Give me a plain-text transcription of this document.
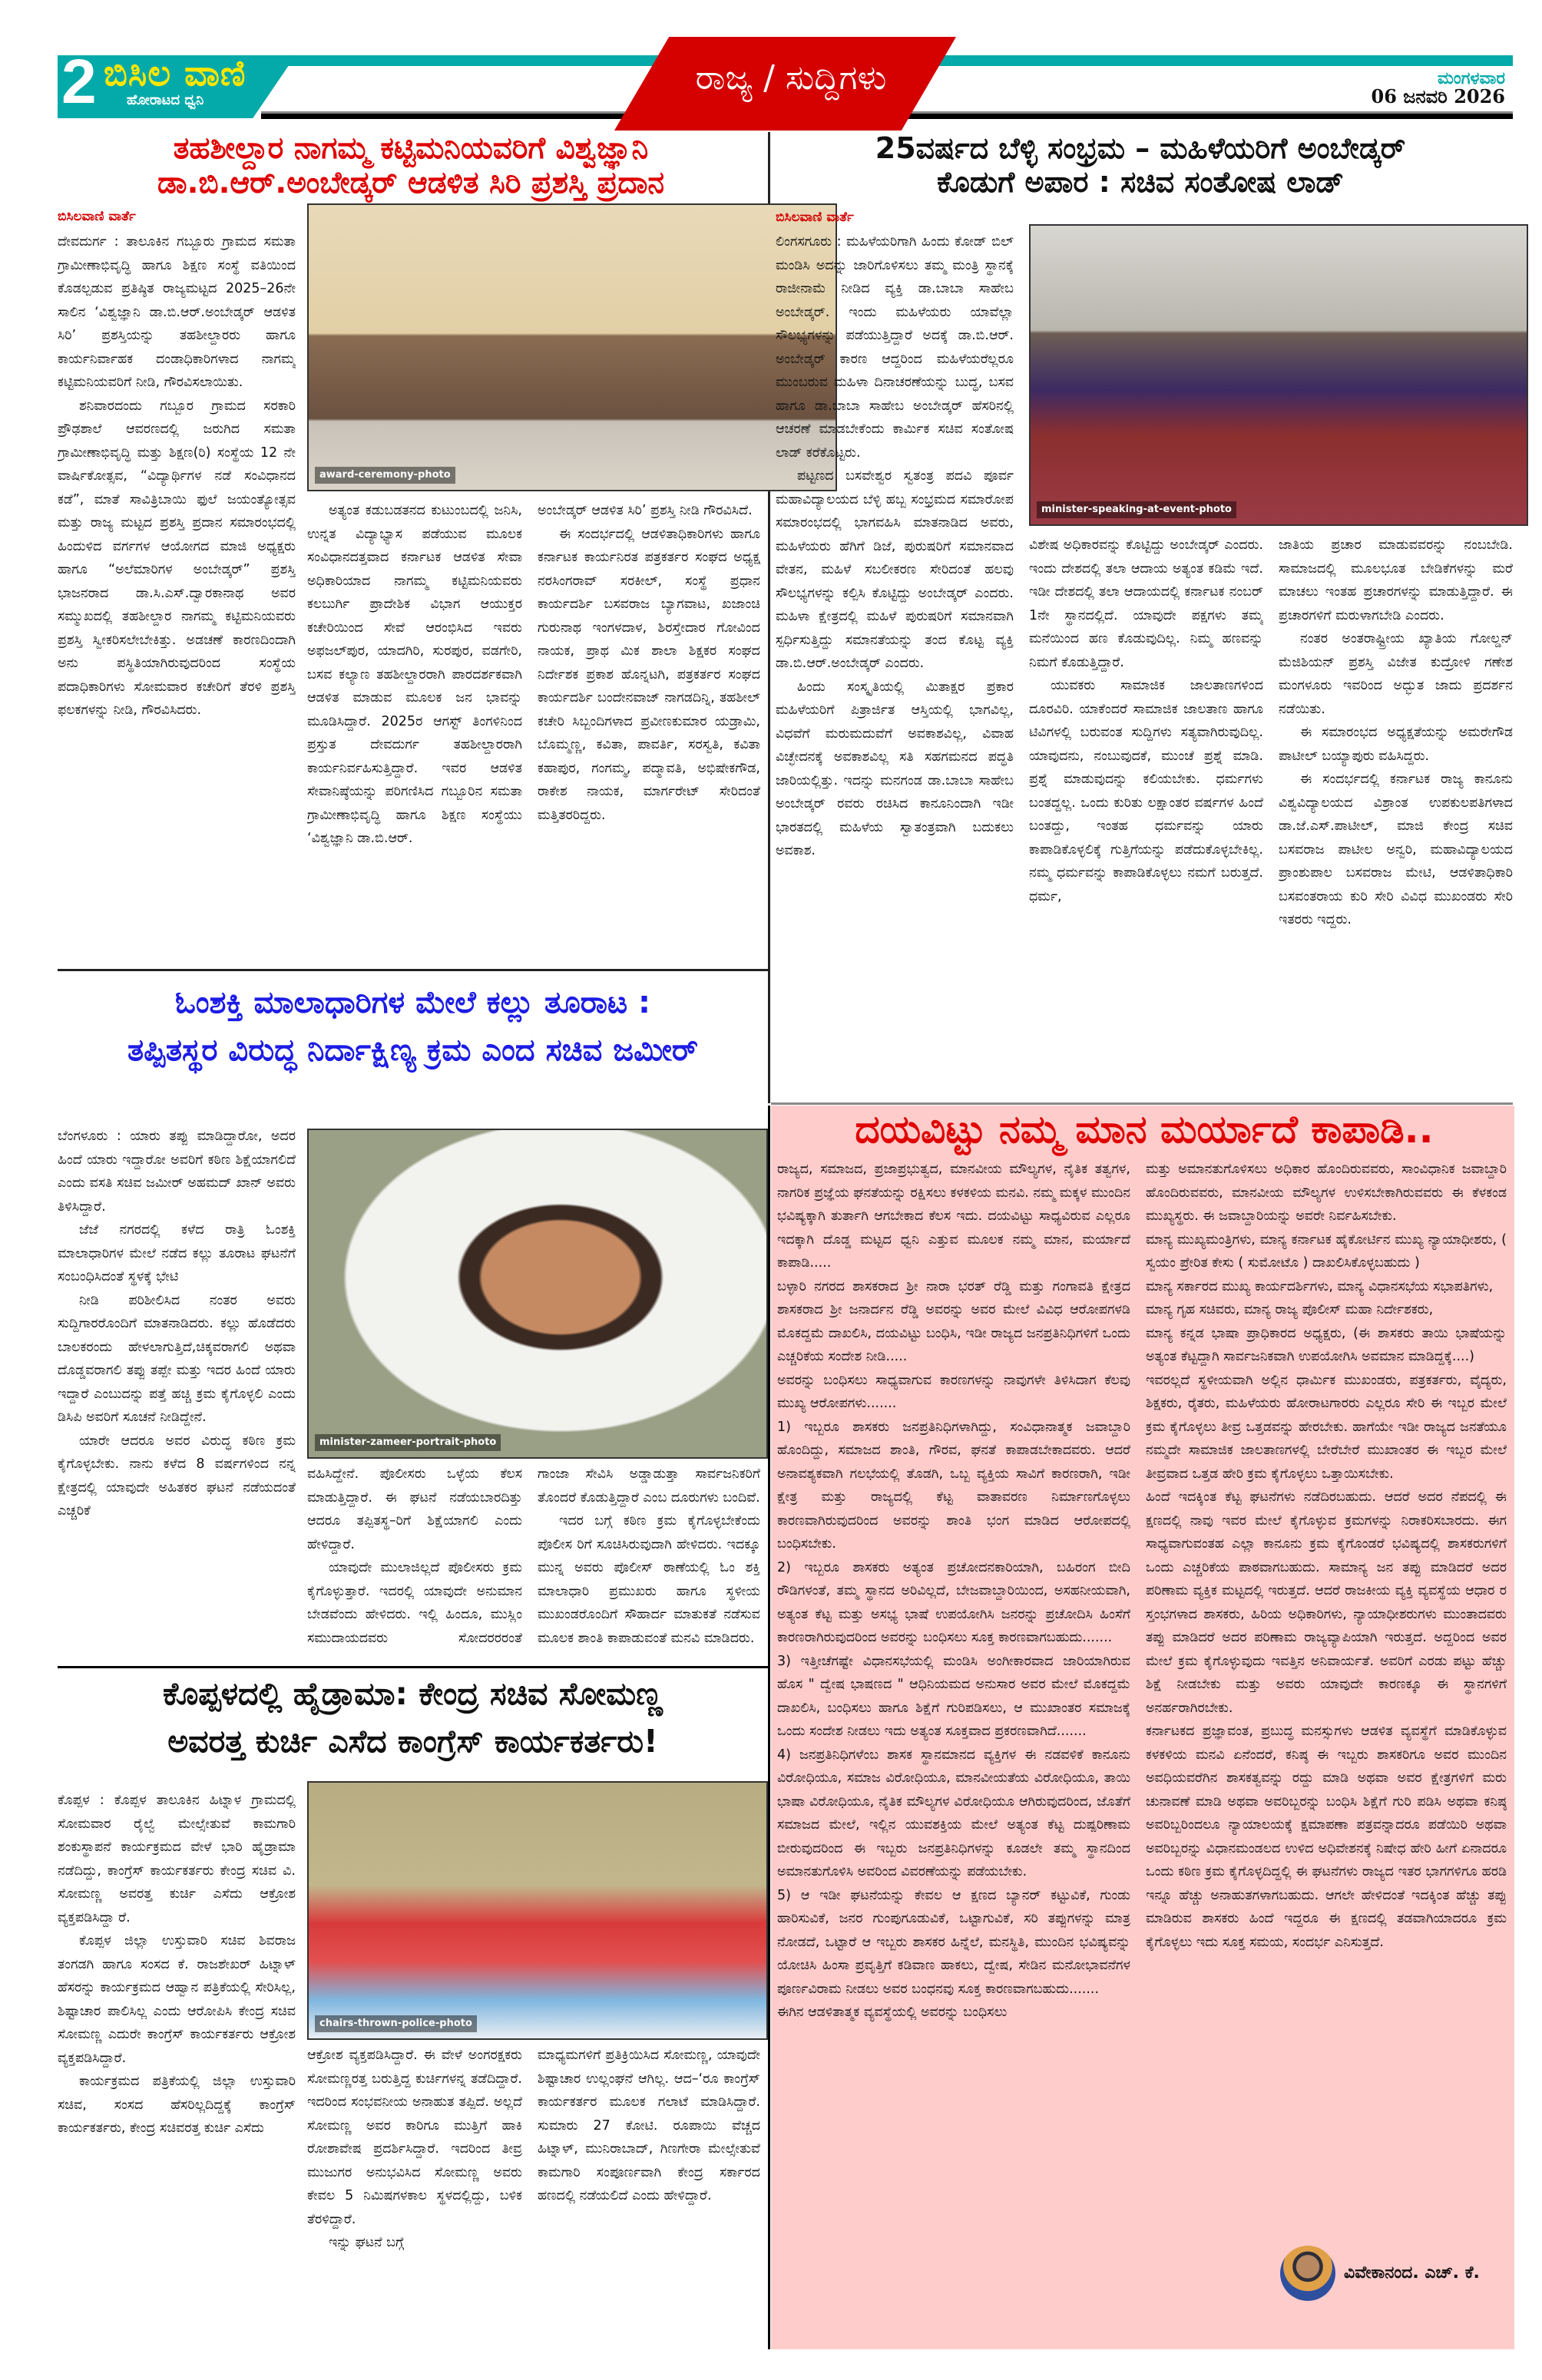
2 ಬಿಸಿಲ ವಾಣಿ
ಹೋರಾಟದ ಧ್ವನಿ
ರಾಜ್ಯ / ಸುದ್ದಿಗಳು	ಮಂಗಳವಾರ
06 ಜನವರಿ 2026
ತಹಶೀಲ್ದಾರ ನಾಗಮ್ಮ ಕಟ್ಟಿಮನಿಯವರಿಗೆ ವಿಶ್ವಜ್ಞಾನಿ
ಡಾ.ಬಿ.ಆರ್.ಅಂಬೇಡ್ಕರ್ ಆಡಳಿತ ಸಿರಿ ಪ್ರಶಸ್ತಿ ಪ್ರದಾನ
ಬಿಸಿಲವಾಣಿ ವಾರ್ತೆ
award-ceremony-photo

ದೇವದುರ್ಗ : ತಾಲೂಕಿನ ಗಬ್ಬೂರು ಗ್ರಾಮದ ಸಮತಾ ಗ್ರಾಮೀಣಾಭಿವೃದ್ಧಿ ಹಾಗೂ ಶಿಕ್ಷಣ ಸಂಸ್ಥೆ ವತಿಯಿಂದ ಕೊಡಲ್ಪಡುವ ಪ್ರತಿಷ್ಠಿತ ರಾಜ್ಯಮಟ್ಟದ 2025–26ನೇ ಸಾಲಿನ ‘ವಿಶ್ವಜ್ಞಾನಿ ಡಾ.ಬಿ.ಆರ್.ಅಂಬೇಡ್ಕರ್ ಆಡಳಿತ ಸಿರಿ’ ಪ್ರಶಸ್ತಿಯನ್ನು ತಹಶೀಲ್ದಾರರು ಹಾಗೂ ಕಾರ್ಯನಿರ್ವಾಹಕ ದಂಡಾಧಿಕಾರಿಗಳಾದ ನಾಗಮ್ಮ ಕಟ್ಟಿಮನಿಯವರಿಗೆ ನೀಡಿ, ಗೌರವಿಸಲಾಯಿತು.

ಶನಿವಾರದಂದು ಗಬ್ಬೂರ ಗ್ರಾಮದ ಸರಕಾರಿ ಪ್ರೌಢಶಾಲೆ ಆವರಣದಲ್ಲಿ ಜರುಗಿದ ಸಮತಾ ಗ್ರಾಮೀಣಾಭಿವೃದ್ಧಿ ಮತ್ತು ಶಿಕ್ಷಣ(ರಿ) ಸಂಸ್ಥೆಯ 12 ನೇ ವಾರ್ಷಿಕೋತ್ಸವ, “ವಿದ್ಯಾರ್ಥಿಗಳ ನಡೆ ಸಂವಿಧಾನದ ಕಡೆ”, ಮಾತೆ ಸಾವಿತ್ರಿಬಾಯಿ ಫುಲೆ ಜಯಂತ್ಯೋತ್ಸವ ಮತ್ತು ರಾಜ್ಯ ಮಟ್ಟದ ಪ್ರಶಸ್ತಿ ಪ್ರದಾನ ಸಮಾರಂಭದಲ್ಲಿ ಹಿಂದುಳಿದ ವರ್ಗಗಳ ಆಯೋಗದ ಮಾಜಿ ಅಧ್ಯಕ್ಷರು ಹಾಗೂ “ಅಲೆಮಾರಿಗಳ ಅಂಬೇಡ್ಕರ್” ಪ್ರಶಸ್ತಿ ಭಾಜನರಾದ ಡಾ.ಸಿ.ಎಸ್.ದ್ವಾರಕಾನಾಥ ಅವರ ಸಮ್ಮುಖದಲ್ಲಿ ತಹಶೀಲ್ದಾರ ನಾಗಮ್ಮ ಕಟ್ಟಿಮನಿಯವರು ಪ್ರಶಸ್ತಿ ಸ್ವೀಕರಿಸಲೇಬೇಕಿತ್ತು. ಅಡಚಣೆ ಕಾರಣದಿಂದಾಗಿ ಅನು ಪಸ್ಥಿತಿಯಾಗಿರುವುದರಿಂದ ಸಂಸ್ಥೆಯ ಪದಾಧಿಕಾರಿಗಳು ಸೋಮವಾರ ಕಚೇರಿಗೆ ತೆರಳಿ ಪ್ರಶಸ್ತಿ ಫಲಕಗಳನ್ನು ನೀಡಿ, ಗೌರವಿಸಿದರು.

ಅತ್ಯಂತ ಕಡುಬಡತನದ ಕುಟುಂಬದಲ್ಲಿ ಜನಿಸಿ, ಉನ್ನತ ವಿದ್ಯಾಭ್ಯಾಸ ಪಡೆಯುವ ಮೂಲಕ ಸಂವಿಧಾನದತ್ತವಾದ ಕರ್ನಾಟಕ ಆಡಳಿತ ಸೇವಾ ಅಧಿಕಾರಿಯಾದ ನಾಗಮ್ಮ ಕಟ್ಟಿಮನಿಯವರು ಕಲಬುರ್ಗಿ ಪ್ರಾದೇಶಿಕ ವಿಭಾಗ ಆಯುಕ್ತರ ಕಚೇರಿಯಿಂದ ಸೇವೆ ಆರಂಭಿಸಿದ ಇವರು ಅಫಜಲ್‌ಪುರ, ಯಾದಗಿರಿ, ಸುರಪುರ, ವಡಗೇರಿ, ಬಸವ ಕಲ್ಯಾಣ ತಹಶೀಲ್ದಾರರಾಗಿ ಪಾರದರ್ಶಕವಾಗಿ ಆಡಳಿತ ಮಾಡುವ ಮೂಲಕ ಜನ ಭಾವನ್ನು ಮೂಡಿಸಿದ್ದಾರೆ. 2025ರ ಆಗಸ್ಟ್ ತಿಂಗಳಿನಿಂದ ಪ್ರಸ್ತುತ ದೇವದುರ್ಗ ತಹಶೀಲ್ದಾರರಾಗಿ ಕಾರ್ಯನಿರ್ವಹಿಸುತ್ತಿದ್ದಾರೆ. ಇವರ ಆಡಳಿತ ಸೇವಾನಿಷ್ಠೆಯನ್ನು ಪರಿಗಣಿಸಿದ ಗಬ್ಬೂರಿನ ಸಮತಾ ಗ್ರಾಮೀಣಾಭಿವೃದ್ಧಿ ಹಾಗೂ ಶಿಕ್ಷಣ ಸಂಸ್ಥೆಯು ‘ವಿಶ್ವಜ್ಞಾನಿ ಡಾ.ಬಿ.ಆರ್.

ಅಂಬೇಡ್ಕರ್ ಆಡಳಿತ ಸಿರಿ’ ಪ್ರಶಸ್ತಿ ನೀಡಿ ಗೌರವಿಸಿದೆ.

ಈ ಸಂದರ್ಭದಲ್ಲಿ ಆಡಳಿತಾಧಿಕಾರಿಗಳು ಹಾಗೂ ಕರ್ನಾಟಕ ಕಾರ್ಯನಿರತ ಪತ್ರಕರ್ತರ ಸಂಘದ ಅಧ್ಯಕ್ಷ ನರಸಿಂಗರಾವ್ ಸರಕೀಲ್, ಸಂಸ್ಥೆ ಪ್ರಧಾನ ಕಾರ್ಯದರ್ಶಿ ಬಸವರಾಜ ಬ್ಯಾಗವಾಟ, ಖಜಾಂಚಿ ಗುರುನಾಥ ಇಂಗಳದಾಳ, ಶಿರಸ್ತೇದಾರ ಗೋವಿಂದ ನಾಯಕ, ಪ್ರಾಥ ಮಿಕ ಶಾಲಾ ಶಿಕ್ಷಕರ ಸಂಘದ ನಿರ್ದೇಶಕ ಪ್ರಕಾಶ ಹೊನ್ನಟಗಿ, ಪತ್ರಕರ್ತರ ಸಂಘದ ಕಾರ್ಯದರ್ಶಿ ಬಂದೇನವಾಜ್ ನಾಗಡದಿನ್ನಿ, ತಹಶೀಲ್ ಕಚೇರಿ ಸಿಬ್ಬಂದಿಗಳಾದ ಪ್ರವೀಣಕುಮಾರ ಯಡ್ರಾಮಿ, ಬೊಮ್ಮಣ್ಣ, ಕವಿತಾ, ಪಾವರ್ತಿ, ಸರಸ್ವತಿ, ಕವಿತಾ ಕಹಾಪುರ, ಗಂಗಮ್ಮ, ಪದ್ಮಾವತಿ, ಅಭಿಷೇಕಗೌಡ, ರಾಕೇಶ ನಾಯಕ, ಮಾರ್ಗರೇಟ್ ಸೇರಿದಂತೆ ಮತ್ತಿತರರಿದ್ದರು.

25ವರ್ಷದ ಬೆಳ್ಳಿ ಸಂಭ್ರಮ – ಮಹಿಳೆಯರಿಗೆ ಅಂಬೇಡ್ಕರ್
ಕೊಡುಗೆ ಅಪಾರ : ಸಚಿವ ಸಂತೋಷ ಲಾಡ್
ಬಿಸಿಲವಾಣಿ ವಾರ್ತೆ
minister-speaking-at-event-photo

ಲಿಂಗಸಗೂರು : ಮಹಿಳೆಯರಿಗಾಗಿ ಹಿಂದು ಕೋಡ್ ಬಿಲ್ ಮಂಡಿಸಿ ಅದನ್ನು ಜಾರಿಗೊಳಿಸಲು ತಮ್ಮ ಮಂತ್ರಿ ಸ್ಥಾನಕ್ಕೆ ರಾಜೀನಾಮೆ ನೀಡಿದ ವ್ಯಕ್ತಿ ಡಾ.ಬಾಬಾ ಸಾಹೇಬ ಅಂಬೇಡ್ಕರ್. ಇಂದು ಮಹಿಳೆಯರು ಯಾವೆಲ್ಲಾ ಸೌಲಭ್ಯಗಳನ್ನು ಪಡೆಯುತ್ತಿದ್ದಾರೆ ಅದಕ್ಕೆ ಡಾ.ಬಿ.ಆರ್. ಅಂಬೇಡ್ಕರ್ ಕಾರಣ ಆದ್ದರಿಂದ ಮಹಿಳೆಯರೆಲ್ಲರೂ ಮುಂಬರುವ ಮಹಿಳಾ ದಿನಾಚರಣೆಯನ್ನು ಬುದ್ಧ, ಬಸವ ಹಾಗೂ ಡಾ.ಬಾಬಾ ಸಾಹೇಬ ಅಂಬೇಡ್ಕರ್ ಹೆಸರಿನಲ್ಲಿ ಆಚರಣೆ ಮಾಡಬೇಕೆಂದು ಕಾರ್ಮಿಕ ಸಚಿವ ಸಂತೋಷ ಲಾಡ್ ಕರೆಕೊಟ್ಟರು.

ಪಟ್ಟಣದ ಬಸವೇಶ್ವರ ಸ್ವತಂತ್ರ ಪದವಿ ಪೂರ್ವ ಮಹಾವಿದ್ಯಾಲಯದ ಬೆಳ್ಳಿ ಹಬ್ಬ ಸಂಭ್ರಮದ ಸಮಾರೋಪ ಸಮಾರಂಭದಲ್ಲಿ ಭಾಗವಹಿಸಿ ಮಾತನಾಡಿದ ಅವರು, ಮಹಿಳೆಯರು ಹೆಗಿಗೆ ಡಿಜೆ, ಪುರುಷರಿಗೆ ಸಮಾನವಾದ ವೇತನ, ಮಹಿಳೆ ಸಬಲೀಕರಣ ಸೇರಿದಂತೆ ಹಲವು ಸೌಲಭ್ಯಗಳನ್ನು ಕಲ್ಪಿಸಿ ಕೊಟ್ಟಿದ್ದು ಅಂಬೇಡ್ಕರ್ ಎಂದರು. ಮಹಿಳಾ ಕ್ಷೇತ್ರದಲ್ಲಿ ಮಹಿಳೆ ಪುರುಷರಿಗೆ ಸಮಾನವಾಗಿ ಸ್ಪರ್ಧಿಸುತ್ತಿದ್ದು ಸಮಾನತೆಯನ್ನು ತಂದ ಕೊಟ್ಟ ವ್ಯಕ್ತಿ ಡಾ.ಬಿ.ಆರ್.ಅಂಬೇಡ್ಕರ್ ಎಂದರು.

ಹಿಂದು ಸಂಸ್ಕೃತಿಯಲ್ಲಿ ಮಿತಾಕ್ಷರ ಪ್ರಕಾರ ಮಹಿಳೆಯರಿಗೆ ಪಿತ್ರಾರ್ಜಿತ ಆಸ್ತಿಯಲ್ಲಿ ಭಾಗವಿಲ್ಲ, ವಿಧವೆಗೆ ಮರುಮದುವೆಗೆ ಅವಕಾಶವಿಲ್ಲ, ವಿವಾಹ ವಿಚ್ಛೇದನಕ್ಕೆ ಅವಕಾಶವಿಲ್ಲ ಸತಿ ಸಹಗಮನದ ಪದ್ಧತಿ ಜಾರಿಯಲ್ಲಿತ್ತು. ಇದನ್ನು ಮನಗಂಡ ಡಾ.ಬಾಬಾ ಸಾಹೇಬ ಅಂಬೇಡ್ಕರ್ ರವರು ರಚಿಸಿದ ಕಾನೂನಿಂದಾಗಿ ಇಡೀ ಭಾರತದಲ್ಲಿ ಮಹಿಳೆಯ ಸ್ವಾತಂತ್ರವಾಗಿ ಬದುಕಲು ಅವಕಾಶ.

ವಿಶೇಷ ಅಧಿಕಾರವನ್ನು ಕೊಟ್ಟಿದ್ದು ಅಂಬೇಡ್ಕರ್ ಎಂದರು. ಇಂದು ದೇಶದಲ್ಲಿ ತಲಾ ಆದಾಯ ಅತ್ಯಂತ ಕಡಿಮೆ ಇದೆ. ಇಡೀ ದೇಶದಲ್ಲಿ ತಲಾ ಆದಾಯದಲ್ಲಿ ಕರ್ನಾಟಕ ನಂಬರ್ 1ನೇ ಸ್ಥಾನದಲ್ಲಿದೆ. ಯಾವುದೇ ಪಕ್ಷಗಳು ತಮ್ಮ ಮನೆಯಿಂದ ಹಣ ಕೊಡುವುದಿಲ್ಲ. ನಿಮ್ಮ ಹಣವನ್ನು ನಿಮಗೆ ಕೊಡುತ್ತಿದ್ದಾರೆ.

ಯುವಕರು ಸಾಮಾಜಿಕ ಜಾಲತಾಣಗಳಿಂದ ದೂರವಿರಿ. ಯಾಕೆಂದರೆ ಸಾಮಾಜಿಕ ಜಾಲತಾಣ ಹಾಗೂ ಟಿವಿಗಳಲ್ಲಿ ಬರುವಂತ ಸುದ್ದಿಗಳು ಸತ್ಯವಾಗಿರುವುದಿಲ್ಲ. ಯಾವುದನು, ನಂಬುವುದಕೆ, ಮುಂಚೆ ಪ್ರಶ್ನೆ ಮಾಡಿ. ಪ್ರಶ್ನೆ ಮಾಡುವುದನ್ನು ಕಲಿಯಬೇಕು. ಧರ್ಮಗಳು ಬಂತದ್ದಲ್ಲ. ಒಂದು ಕುರಿತು ಲಕ್ಷಾಂತರ ವರ್ಷಗಳ ಹಿಂದೆ ಬಂತದ್ದು, ಇಂತಹ ಧರ್ಮವನ್ನು ಯಾರು ಕಾಪಾಡಿಕೊಳ್ಳಲಿಕ್ಕೆ ಗುತ್ತಿಗೆಯನ್ನು ಪಡೆದುಕೊಳ್ಳಬೇಕಿಲ್ಲ. ನಮ್ಮ ಧರ್ಮವನ್ನು ಕಾಪಾಡಿಕೊಳ್ಳಲು ನಮಗೆ ಬರುತ್ತದೆ. ಧರ್ಮ,

ಜಾತಿಯ ಪ್ರಚಾರ ಮಾಡುವವರನ್ನು ನಂಬಬೇಡಿ. ಸಾಮಾಜದಲ್ಲಿ ಮೂಲಭೂತ ಬೇಡಿಕೆಗಳನ್ನು ಮರೆ ಮಾಚಲು ಇಂತಹ ಪ್ರಚಾರಗಳನ್ನು ಮಾಡುತ್ತಿದ್ದಾರೆ. ಈ ಪ್ರಚಾರಗಳಿಗೆ ಮರುಳಾಗಬೇಡಿ ಎಂದರು.

ನಂತರ ಅಂತರಾಷ್ಟ್ರೀಯ ಖ್ಯಾತಿಯ ಗೋಲ್ಡನ್ ಮೆಜಿಶಿಯನ್ ಪ್ರಶಸ್ತಿ ವಿಜೇತ ಕುದ್ರೋಳಿ ಗಣೇಶ ಮಂಗಳೂರು ಇವರಿಂದ ಅದ್ಭುತ ಜಾದು ಪ್ರದರ್ಶನ ನಡೆಯಿತು.

ಈ ಸಮಾರಂಭದ ಅಧ್ಯಕ್ಷತೆಯನ್ನು ಅಮರೇಗೌಡ ಪಾಟೀಲ್ ಬಯ್ಯಾಪುರು ವಹಿಸಿದ್ದರು.

ಈ ಸಂದರ್ಭದಲ್ಲಿ ಕರ್ನಾಟಕ ರಾಜ್ಯ ಕಾನೂನು ವಿಶ್ವವಿದ್ಯಾಲಯದ ವಿಶ್ರಾಂತ ಉಪಕುಲಪತಿಗಳಾದ ಡಾ.ಜೆ.ಎಸ್.ಪಾಟೀಲ್, ಮಾಜಿ ಕೇಂದ್ರ ಸಚಿವ ಬಸವರಾಜ ಪಾಟೀಲ ಅನ್ವರಿ, ಮಹಾವಿದ್ಯಾಲಯದ ಪ್ರಾಂಶುಪಾಲ ಬಸವರಾಜ ಮೇಟಿ, ಆಡಳಿತಾಧಿಕಾರಿ ಬಸವಂತರಾಯ ಕುರಿ ಸೇರಿ ವಿವಿಧ ಮುಖಂಡರು ಸೇರಿ ಇತರರು ಇದ್ದರು.

ಓಂಶಕ್ತಿ ಮಾಲಾಧಾರಿಗಳ ಮೇಲೆ ಕಲ್ಲು ತೂರಾಟ :
ತಪ್ಪಿತಸ್ಥರ ವಿರುದ್ಧ ನಿರ್ದಾಕ್ಷಿಣ್ಯ ಕ್ರಮ ಎಂದ ಸಚಿವ ಜಮೀರ್
minister-zameer-portrait-photo

ಬೆಂಗಳೂರು : ಯಾರು ತಪ್ಪು ಮಾಡಿದ್ದಾರೋ, ಅದರ ಹಿಂದೆ ಯಾರು ಇದ್ದಾರೋ ಅವರಿಗೆ ಕಠಿಣ ಶಿಕ್ಷೆಯಾಗಲಿದೆ ಎಂದು ವಸತಿ ಸಚಿವ ಜಮೀರ್ ಅಹಮದ್ ಖಾನ್ ಅವರು ತಿಳಿಸಿದ್ದಾರೆ.

ಜೆಜೆ ನಗರದಲ್ಲಿ ಕಳೆದ ರಾತ್ರಿ ಓಂಶಕ್ತಿ ಮಾಲಾಧಾರಿಗಳ ಮೇಲೆ ನಡೆದ ಕಲ್ಲು ತೂರಾಟ ಘಟನೆಗೆ ಸಂಬಂಧಿಸಿದಂತೆ ಸ್ಥಳಕ್ಕೆ ಭೇಟಿ

ನೀಡಿ ಪರಿಶೀಲಿಸಿದ ನಂತರ ಅವರು ಸುದ್ದಿಗಾರರೊಂದಿಗೆ ಮಾತನಾಡಿದರು. ಕಲ್ಲು ಹೊಡೆದರು ಬಾಲಕರಂದು ಹೇಳಲಾಗುತ್ತಿದೆ,ಚಿಕ್ಕವರಾಗಲಿ ಅಥವಾ ದೊಡ್ಡವರಾಗಲಿ ತಪ್ಪು ತಪ್ಪೇ ಮತ್ತು ಇದರ ಹಿಂದೆ ಯಾರು ಇದ್ದಾರೆ ಎಂಬುದನ್ನು ಪತ್ತೆ ಹಚ್ಚಿ ಕ್ರಮ ಕೈಗೊಳ್ಳಲಿ ಎಂದು ಡಿಸಿಪಿ ಅವರಿಗೆ ಸೂಚನೆ ನೀಡಿದ್ದೇನೆ.

ಯಾರೇ ಆದರೂ ಅವರ ವಿರುದ್ಧ ಕಠಿಣ ಕ್ರಮ ಕೈಗೊಳ್ಳಬೇಕು. ನಾನು ಕಳೆದ 8 ವರ್ಷಗಳಿಂದ ನನ್ನ ಕ್ಷೇತ್ರದಲ್ಲಿ ಯಾವುದೇ ಅಹಿತಕರ ಘಟನೆ ನಡೆಯದಂತೆ ಎಚ್ಚರಿಕೆ

ವಹಿಸಿದ್ದೇನೆ. ಪೊಲೀಸರು ಒಳ್ಳೆಯ ಕೆಲಸ ಮಾಡುತ್ತಿದ್ದಾರೆ. ಈ ಘಟನೆ ನಡೆಯಬಾರದಿತ್ತು ಆದರೂ ತಪ್ಪಿತಸ್ಥ–ರಿಗೆ ಶಿಕ್ಷೆಯಾಗಲಿ ಎಂದು ಹೇಳಿದ್ದಾರೆ.

ಯಾವುದೇ ಮುಲಾಜಿಲ್ಲದೆ ಪೊಲೀಸರು ಕ್ರಮ ಕೈಗೊಳ್ಳುತ್ತಾರೆ. ಇದರಲ್ಲಿ ಯಾವುದೇ ಅನುಮಾನ ಬೇಡವೆಂದು ಹೇಳಿದರು. ಇಲ್ಲಿ ಹಿಂದೂ, ಮುಸ್ಲಿಂ ಸಮುದಾಯದವರು ಸೋದರರರಂತೆ

ಗಾಂಜಾ ಸೇವಿಸಿ ಅಡ್ಡಾಡುತ್ತಾ ಸಾರ್ವಜನಿಕರಿಗೆ ತೊಂದರೆ ಕೊಡುತ್ತಿದ್ದಾರೆ ಎಂಬ ದೂರುಗಳು ಬಂದಿವೆ.

ಇದರ ಬಗ್ಗೆ ಕಠಿಣ ಕ್ರಮ ಕೈಗೊಳ್ಳಬೇಕೆಂದು ಪೊಲೀಸ ರಿಗೆ ಸೂಚಿಸಿರುವುದಾಗಿ ಹೇಳಿದರು. ಇದಕ್ಕೂ ಮುನ್ನ ಅವರು ಪೊಲೀಸ್ ಠಾಣೆಯಲ್ಲಿ ಓಂ ಶಕ್ತಿ ಮಾಲಾಧಾರಿ ಪ್ರಮುಖರು ಹಾಗೂ ಸ್ಥಳೀಯ ಮುಖಂಡರೊಂದಿಗೆ ಸೌಹಾರ್ದ ಮಾತುಕತೆ ನಡೆಸುವ ಮೂಲಕ ಶಾಂತಿ ಕಾಪಾಡುವಂತೆ ಮನವಿ ಮಾಡಿದರು.

ಕೊಪ್ಪಳದಲ್ಲಿ ಹೈಡ್ರಾಮಾ: ಕೇಂದ್ರ ಸಚಿವ ಸೋಮಣ್ಣ
ಅವರತ್ತ ಕುರ್ಚಿ ಎಸೆದ ಕಾಂಗ್ರೆಸ್ ಕಾರ್ಯಕರ್ತರು!
chairs-thrown-police-photo

ಕೊಪ್ಪಳ : ಕೊಪ್ಪಳ ತಾಲೂಕಿನ ಹಿಟ್ನಾಳ ಗ್ರಾಮದಲ್ಲಿ ಸೋಮವಾರ ರೈಲ್ವೆ ಮೇಲ್ಸೇತುವೆ ಕಾಮಗಾರಿ ಶಂಕುಸ್ಥಾಪನೆ ಕಾರ್ಯಕ್ರಮದ ವೇಳೆ ಭಾರಿ ಹೈಡ್ರಾಮಾ ನಡೆದಿದ್ದು, ಕಾಂಗ್ರೆಸ್ ಕಾರ್ಯಕರ್ತರು ಕೇಂದ್ರ ಸಚಿವ ವಿ. ಸೋಮಣ್ಣ ಅವರತ್ತ ಕುರ್ಚಿ ಎಸೆದು ಆಕ್ರೋಶ ವ್ಯಕ್ತಪಡಿಸಿದ್ದಾ ರೆ.

ಕೊಪ್ಪಳ ಜಿಲ್ಲಾ ಉಸ್ತುವಾರಿ ಸಚಿವ ಶಿವರಾಜ ತಂಗಡಗಿ ಹಾಗೂ ಸಂಸದ ಕೆ. ರಾಜಶೇಖರ್ ಹಿಟ್ನಾಳ್ ಹೆಸರನ್ನು ಕಾರ್ಯಕ್ರಮದ ಆಹ್ವಾನ ಪತ್ರಿಕೆಯಲ್ಲಿ ಸೇರಿಸಿಲ್ಲ, ಶಿಷ್ಟಾಚಾರ ಪಾಲಿಸಿಲ್ಲ ಎಂದು ಆರೋಪಿಸಿ ಕೇಂದ್ರ ಸಚಿವ ಸೋಮಣ್ಣ ಎದುರೇ ಕಾಂಗ್ರೆಸ್ ಕಾರ್ಯಕರ್ತರು ಆಕ್ರೋಶ ವ್ಯಕ್ತಪಡಿಸಿದ್ದಾರೆ.

ಕಾರ್ಯಕ್ರಮದ ಪತ್ರಿಕೆಯಲ್ಲಿ ಜಿಲ್ಲಾ ಉಸ್ತುವಾರಿ ಸಚಿವ, ಸಂಸದ ಹೆಸರಿಲ್ಲದಿದ್ದಕ್ಕೆ ಕಾಂಗ್ರೆಸ್ ಕಾರ್ಯಕರ್ತರು, ಕೇಂದ್ರ ಸಚಿವರತ್ತ ಕುರ್ಚಿ ಎಸೆದು

ಆಕ್ರೋಶ ವ್ಯಕ್ತಪಡಿಸಿದ್ದಾರೆ. ಈ ವೇಳೆ ಅಂಗರಕ್ಷಕರು ಸೋಮಣ್ಣರತ್ತ ಬರುತ್ತಿದ್ದ ಕುರ್ಚಿಗಳನ್ನ ತಡೆದಿದ್ದಾರೆ. ಇದರಿಂದ ಸಂಭವನೀಯ ಅನಾಹುತ ತಪ್ಪಿದೆ. ಅಲ್ಲದೆ ಸೋಮಣ್ಣ ಅವರ ಕಾರಿಗೂ ಮುತ್ತಿಗೆ ಹಾಕಿ ರೋಶಾವೇಷ ಪ್ರದರ್ಶಿಸಿದ್ದಾರೆ. ಇದರಿಂದ ತೀವ್ರ ಮುಜುಗರ ಅನುಭವಿಸಿದ ಸೋಮಣ್ಣ ಅವರು ಕೇವಲ 5 ನಿಮಿಷಗಳಕಾಲ ಸ್ಥಳದಲ್ಲಿದ್ದು, ಬಳಿಕ ತೆರಳಿದ್ದಾರೆ.

ಇನ್ನು ಘಟನೆ ಬಗ್ಗೆ

ಮಾಧ್ಯಮಗಳಿಗೆ ಪ್ರತಿಕ್ರಿಯಿಸಿದ ಸೋಮಣ್ಣ, ಯಾವುದೇ ಶಿಷ್ಟಾಚಾರ ಉಲ್ಲಂಘನೆ ಆಗಿಲ್ಲ. ಆದ–‘ರೂ ಕಾಂಗ್ರೆಸ್ ಕಾರ್ಯಕರ್ತರ ಮೂಲಕ ಗಲಾಟೆ ಮಾಡಿಸಿದ್ದಾರೆ. ಸುಮಾರು 27 ಕೋಟಿ. ರೂಪಾಯಿ ವೆಚ್ಚದ ಹಿಟ್ನಾಳ್, ಮುನಿರಾಬಾದ್, ಗಿಣಗೇರಾ ಮೇಲ್ಸೇತುವೆ ಕಾಮಗಾರಿ ಸಂಪೂರ್ಣವಾಗಿ ಕೇಂದ್ರ ಸರ್ಕಾರದ ಹಣದಲ್ಲಿ ನಡೆಯಲಿದೆ ಎಂದು ಹೇಳಿದ್ದಾರೆ.

ದಯವಿಟ್ಟು ನಮ್ಮ ಮಾನ ಮರ್ಯಾದೆ ಕಾಪಾಡಿ..

ರಾಜ್ಯದ, ಸಮಾಜದ, ಪ್ರಜಾಪ್ರಭುತ್ವದ, ಮಾನವೀಯ ಮೌಲ್ಯಗಳ, ನೈತಿಕ ತತ್ವಗಳ, ನಾಗರಿಕ ಪ್ರಜ್ಞೆಯ ಘನತೆಯನ್ನು ರಕ್ಷಿಸಲು ಕಳಕಳಿಯ ಮನವಿ. ನಮ್ಮ ಮಕ್ಕಳ ಮುಂದಿನ ಭವಿಷ್ಯಕ್ಕಾಗಿ ತುರ್ತಾಗಿ ಆಗಬೇಕಾದ ಕೆಲಸ ಇದು. ದಯವಿಟ್ಟು ಸಾಧ್ಯವಿರುವ ಎಲ್ಲರೂ ಇದಕ್ಕಾಗಿ ದೊಡ್ಡ ಮಟ್ಟದ ಧ್ವನಿ ಎತ್ತುವ ಮೂಲಕ ನಮ್ಮ ಮಾನ, ಮರ್ಯಾದೆ ಕಾಪಾಡಿ.....

ಬಳ್ಳಾರಿ ನಗರದ ಶಾಸಕರಾದ ಶ್ರೀ ನಾರಾ ಭರತ್ ರೆಡ್ಡಿ ಮತ್ತು ಗಂಗಾವತಿ ಕ್ಷೇತ್ರದ ಶಾಸಕರಾದ ಶ್ರೀ ಜನಾರ್ದನ ರೆಡ್ಡಿ ಅವರನ್ನು ಅವರ ಮೇಲೆ ವಿವಿಧ ಆರೋಪಗಳಡಿ ಮೊಕದ್ದಮೆ ದಾಖಲಿಸಿ, ದಯವಿಟ್ಟು ಬಂಧಿಸಿ, ಇಡೀ ರಾಜ್ಯದ ಜನಪ್ರತಿನಿಧಿಗಳಿಗೆ ಒಂದು ಎಚ್ಚರಿಕೆಯ ಸಂದೇಶ ನೀಡಿ.....

ಅವರನ್ನು ಬಂಧಿಸಲು ಸಾಧ್ಯವಾಗುವ ಕಾರಣಗಳನ್ನು ನಾವುಗಳೇ ತಿಳಿಸಿದಾಗ ಕೆಲವು ಮುಖ್ಯ ಆರೋಪಗಳು.......

1) ಇಬ್ಬರೂ ಶಾಸಕರು ಜನಪ್ರತಿನಿಧಿಗಳಾಗಿದ್ದು, ಸಂವಿಧಾನಾತ್ಮಕ ಜವಾಬ್ದಾರಿ ಹೊಂದಿದ್ದು, ಸಮಾಜದ ಶಾಂತಿ, ಗೌರವ, ಘನತೆ ಕಾಪಾಡಬೇಕಾದವರು. ಆದರೆ ಅನಾವಶ್ಯಕವಾಗಿ ಗಲಭೆಯಲ್ಲಿ ತೊಡಗಿ, ಒಬ್ಬ ವ್ಯಕ್ತಿಯ ಸಾವಿಗೆ ಕಾರಣರಾಗಿ, ಇಡೀ ಕ್ಷೇತ್ರ ಮತ್ತು ರಾಜ್ಯದಲ್ಲಿ ಕೆಟ್ಟ ವಾತಾವರಣ ನಿರ್ಮಾಣಗೊಳ್ಳಲು ಕಾರಣವಾಗಿರುವುದರಿಂದ ಅವರನ್ನು ಶಾಂತಿ ಭಂಗ ಮಾಡಿದ ಆರೋಪದಲ್ಲಿ ಬಂಧಿಸಬೇಕು.

2) ಇಬ್ಬರೂ ಶಾಸಕರು ಅತ್ಯಂತ ಪ್ರಚೋದನಕಾರಿಯಾಗಿ, ಬಹಿರಂಗ ಬೀದಿ ರೌಡಿಗಳಂತೆ, ತಮ್ಮ ಸ್ಥಾನದ ಅರಿವಿಲ್ಲದೆ, ಬೇಜವಾಬ್ದಾರಿಯಿಂದ, ಅಸಹನೀಯವಾಗಿ, ಅತ್ಯಂತ ಕೆಟ್ಟ ಮತ್ತು ಅಸಭ್ಯ ಭಾಷೆ ಉಪಯೋಗಿಸಿ ಜನರನ್ನು ಪ್ರಚೋದಿಸಿ ಹಿಂಸೆಗೆ ಕಾರಣರಾಗಿರುವುದರಿಂದ ಅವರನ್ನು ಬಂಧಿಸಲು ಸೂಕ್ತ ಕಾರಣವಾಗಬಹುದು.......

3) ಇತ್ತೀಚೆಗಷ್ಟೇ ವಿಧಾನಸಭೆಯಲ್ಲಿ ಮಂಡಿಸಿ ಅಂಗೀಕಾರವಾದ ಜಾರಿಯಾಗಿರುವ ಹೊಸ " ದ್ವೇಷ ಭಾಷಣದ " ಆಧಿನಿಯಮದ ಅನುಸಾರ ಅವರ ಮೇಲೆ ಮೊಕದ್ದಮೆ ದಾಖಲಿಸಿ, ಬಂಧಿಸಲು ಹಾಗೂ ಶಿಕ್ಷೆಗೆ ಗುರಿಪಡಿಸಲು, ಆ ಮುಖಾಂತರ ಸಮಾಜಕ್ಕೆ ಒಂದು ಸಂದೇಶ ನೀಡಲು ಇದು ಅತ್ಯಂತ ಸೂಕ್ತವಾದ ಪ್ರಕರಣವಾಗಿದೆ.......

4) ಜನಪ್ರತಿನಿಧಿಗಳೆಂಬ ಶಾಸಕ ಸ್ಥಾನಮಾನದ ವ್ಯಕ್ತಿಗಳ ಈ ನಡವಳಿಕೆ ಕಾನೂನು ವಿರೋಧಿಯೂ, ಸಮಾಜ ವಿರೋಧಿಯೂ, ಮಾನವೀಯತೆಯ ವಿರೋಧಿಯೂ, ತಾಯಿ ಭಾಷಾ ವಿರೋಧಿಯೂ, ನೈತಿಕ ಮೌಲ್ಯಗಳ ವಿರೋಧಿಯೂ ಆಗಿರುವುದರಿಂದ, ಜೊತೆಗೆ ಸಮಾಜದ ಮೇಲೆ, ಇಲ್ಲಿನ ಯುವಶಕ್ತಿಯ ಮೇಲೆ ಅತ್ಯಂತ ಕೆಟ್ಟ ದುಷ್ಪರಿಣಾಮ ಬೀರುವುದರಿಂದ ಈ ಇಬ್ಬರು ಜನಪ್ರತಿನಿಧಿಗಳನ್ನು ಕೂಡಲೇ ತಮ್ಮ ಸ್ಥಾನದಿಂದ ಅಮಾನತುಗೊಳಿಸಿ ಅವರಿಂದ ವಿವರಣೆಯನ್ನು ಪಡೆಯಬೇಕು.

5) ಆ ಇಡೀ ಘಟನೆಯನ್ನು ಕೇವಲ ಆ ಕ್ಷಣದ ಬ್ಯಾನರ್ ಕಟ್ಟುವಿಕೆ, ಗುಂಡು ಹಾರಿಸುವಿಕೆ, ಜನರ ಗುಂಪುಗೂಡುವಿಕೆ, ಒಟ್ಟಾಗುವಿಕೆ, ಸರಿ ತಪ್ಪುಗಳನ್ನು ಮಾತ್ರ ನೋಡದೆ, ಒಟ್ಟಾರೆ ಆ ಇಬ್ಬರು ಶಾಸಕರ ಹಿನ್ನೆಲೆ, ಮನಸ್ಥಿತಿ, ಮುಂದಿನ ಭವಿಷ್ಯವನ್ನು ಯೋಚಿಸಿ ಹಿಂಸಾ ಪ್ರವೃತ್ತಿಗೆ ಕಡಿವಾಣ ಹಾಕಲು, ದ್ವೇಷ, ಸೇಡಿನ ಮನೋಭಾವನೆಗಳ ಪೂರ್ಣವಿರಾಮ ನೀಡಲು ಅವರ ಬಂಧನವು ಸೂಕ್ತ ಕಾರಣವಾಗಬಹುದು.......

ಈಗಿನ ಆಡಳಿತಾತ್ಮಕ ವ್ಯವಸ್ಥೆಯಲ್ಲಿ ಅವರನ್ನು ಬಂಧಿಸಲು

ಮತ್ತು ಅಮಾನತುಗೊಳಿಸಲು ಅಧಿಕಾರ ಹೊಂದಿರುವವರು, ಸಾಂವಿಧಾನಿಕ ಜವಾಬ್ದಾರಿ ಹೊಂದಿರುವವರು, ಮಾನವೀಯ ಮೌಲ್ಯಗಳ ಉಳಿಸಬೇಕಾಗಿರುವವರು ಈ ಕೆಳಕಂಡ ಮುಖ್ಯಸ್ಥರು. ಈ ಜವಾಬ್ದಾರಿಯನ್ನು ಅವರೇ ನಿರ್ವಹಿಸಬೇಕು.

ಮಾನ್ಯ ಮುಖ್ಯಮಂತ್ರಿಗಳು, ಮಾನ್ಯ ಕರ್ನಾಟಕ ಹೈಕೋರ್ಟಿನ ಮುಖ್ಯ ನ್ಯಾಯಾಧೀಶರು, ( ಸ್ವಯಂ ಪ್ರೇರಿತ ಕೇಸು ( ಸುಮೋಟೊ ) ದಾಖಲಿಸಿಕೊಳ್ಳಬಹುದು )

ಮಾನ್ಯ ಸರ್ಕಾರದ ಮುಖ್ಯ ಕಾರ್ಯದರ್ಶಿಗಳು, ಮಾನ್ಯ ವಿಧಾನಸಭೆಯ ಸಭಾಪತಿಗಳು,

ಮಾನ್ಯ ಗೃಹ ಸಚಿವರು, ಮಾನ್ಯ ರಾಜ್ಯ ಪೊಲೀಸ್ ಮಹಾ ನಿರ್ದೇಶಕರು,

ಮಾನ್ಯ ಕನ್ನಡ ಭಾಷಾ ಪ್ರಾಧಿಕಾರದ ಅಧ್ಯಕ್ಷರು, (ಈ ಶಾಸಕರು ತಾಯಿ ಭಾಷೆಯನ್ನು ಅತ್ಯಂತ ಕೆಟ್ಟದ್ದಾಗಿ ಸಾರ್ವಜನಿಕವಾಗಿ ಉಪಯೋಗಿಸಿ ಅವಮಾನ ಮಾಡಿದ್ದಕ್ಕೆ....)

ಇವರಲ್ಲದೆ ಸ್ಥಳೀಯವಾಗಿ ಅಲ್ಲಿನ ಧಾರ್ಮಿಕ ಮುಖಂಡರು, ಪತ್ರಕರ್ತರು, ವೈದ್ಯರು, ಶಿಕ್ಷಕರು, ರೈತರು, ಮಹಿಳೆಯರು ಹೋರಾಟಗಾರರು ಎಲ್ಲರೂ ಸೇರಿ ಈ ಇಬ್ಬರ ಮೇಲೆ ಕ್ರಮ ಕೈಗೊಳ್ಳಲು ತೀವ್ರ ಒತ್ತಡವನ್ನು ಹೇರಬೇಕು. ಹಾಗೆಯೇ ಇಡೀ ರಾಜ್ಯದ ಜನತೆಯೂ ನಮ್ಮದೇ ಸಾಮಾಜಿಕ ಜಾಲತಾಣಗಳಲ್ಲಿ ಬೇರೆಬೇರೆ ಮುಖಾಂತರ ಈ ಇಬ್ಬರ ಮೇಲೆ ತೀವ್ರವಾದ ಒತ್ತಡ ಹೇರಿ ಕ್ರಮ ಕೈಗೊಳ್ಳಲು ಒತ್ತಾಯಿಸಬೇಕು.

ಹಿಂದೆ ಇದಕ್ಕಿಂತ ಕೆಟ್ಟ ಘಟನೆಗಳು ನಡೆದಿರಬಹುದು. ಆದರೆ ಅದರ ನೆಪದಲ್ಲಿ ಈ ಕ್ಷಣದಲ್ಲಿ ನಾವು ಇವರ ಮೇಲೆ ಕೈಗೊಳ್ಳುವ ಕ್ರಮಗಳನ್ನು ನಿರಾಕರಿಸಬಾರದು. ಈಗ ಸಾಧ್ಯವಾಗುವಂತಹ ಎಲ್ಲಾ ಕಾನೂನು ಕ್ರಮ ಕೈಗೊಂಡರೆ ಭವಿಷ್ಯದಲ್ಲಿ ಶಾಸಕರುಗಳಿಗೆ ಒಂದು ಎಚ್ಚರಿಕೆಯ ಪಾಠವಾಗಬಹುದು. ಸಾಮಾನ್ಯ ಜನ ತಪ್ಪು ಮಾಡಿದರೆ ಅದರ ಪರಿಣಾಮ ವ್ಯಕ್ತಿಕ ಮಟ್ಟದಲ್ಲಿ ಇರುತ್ತದೆ. ಆದರೆ ರಾಜಕೀಯ ವ್ಯಕ್ತಿ ವ್ಯವಸ್ಥೆಯ ಆಧಾರ ರ ಸ್ತಂಭಗಳಾದ ಶಾಸಕರು, ಹಿರಿಯ ಅಧಿಕಾರಿಗಳು, ನ್ಯಾಯಾಧೀಶರುಗಳು ಮುಂತಾದವರು ತಪ್ಪು ಮಾಡಿದರೆ ಅದರ ಪರಿಣಾಮ ರಾಜ್ಯವ್ಯಾಪಿಯಾಗಿ ಇರುತ್ತದೆ. ಅದ್ದರಿಂದ ಅವರ ಮೇಲೆ ಕ್ರಮ ಕೈಗೊಳ್ಳುವುದು ಇವತ್ತಿನ ಅನಿವಾರ್ಯತೆ. ಅವರಿಗೆ ಎರಡು ಪಟ್ಟು ಹೆಚ್ಚು ಶಿಕ್ಷೆ ನೀಡಬೇಕು ಮತ್ತು ಅವರು ಯಾವುದೇ ಕಾರಣಕ್ಕೂ ಈ ಸ್ಥಾನಗಳಿಗೆ ಅನರ್ಹರಾಗಿರಬೇಕು.

ಕರ್ನಾಟಕದ ಪ್ರಜ್ಞಾವಂತ, ಪ್ರಬುದ್ಧ ಮನಸ್ಸುಗಳು ಆಡಳಿತ ವ್ಯವಸ್ಥೆಗೆ ಮಾಡಿಕೊಳ್ಳುವ ಕಳಕಳಿಯ ಮನವಿ ಏನೆಂದರೆ, ಕನಿಷ್ಠ ಈ ಇಬ್ಬರು ಶಾಸಕರಿಗೂ ಅವರ ಮುಂದಿನ ಅವಧಿಯವರೆಗಿನ ಶಾಸಕತ್ವವನ್ನು ರದ್ದು ಮಾಡಿ ಅಥವಾ ಅವರ ಕ್ಷೇತ್ರಗಳಿಗೆ ಮರು ಚುನಾವಣೆ ಮಾಡಿ ಅಥವಾ ಅವರಿಬ್ಬರನ್ನು ಬಂಧಿಸಿ ಶಿಕ್ಷೆಗೆ ಗುರಿ ಪಡಿಸಿ ಅಥವಾ ಕನಿಷ್ಠ ಅವರಿಬ್ಬರಿಂದಲೂ ನ್ಯಾಯಾಲಯಕ್ಕೆ ಕ್ಷಮಾಪಣಾ ಪತ್ರವನ್ನಾದರೂ ಪಡೆಯಿರಿ ಅಥವಾ ಅವರಿಬ್ಬರನ್ನು ವಿಧಾನಮಂಡಲದ ಉಳಿದ ಅಧಿವೇಶನಕ್ಕೆ ನಿಷೇಧ ಹೇರಿ ಹೀಗೆ ಏನಾದರೂ ಒಂದು ಕಠಿಣ ಕ್ರಮ ಕೈಗೊಳ್ಳದಿದ್ದಲ್ಲಿ ಈ ಘಟನೆಗಳು ರಾಜ್ಯದ ಇತರ ಭಾಗಗಳಿಗೂ ಹರಡಿ ಇನ್ನೂ ಹೆಚ್ಚು ಅನಾಹುತಗಳಾಗಬಹುದು. ಆಗಲೇ ಹೇಳಿದಂತೆ ಇದಕ್ಕಿಂತ ಹೆಚ್ಚು ತಪ್ಪು ಮಾಡಿರುವ ಶಾಸಕರು ಹಿಂದೆ ಇದ್ದರೂ ಈ ಕ್ಷಣದಲ್ಲಿ ತಡವಾಗಿಯಾದರೂ ಕ್ರಮ ಕೈಗೊಳ್ಳಲು ಇದು ಸೂಕ್ತ ಸಮಯ, ಸಂದರ್ಭ ಎನಿಸುತ್ತದೆ.

ವಿವೇಕಾನಂದ. ಎಚ್. ಕೆ.
